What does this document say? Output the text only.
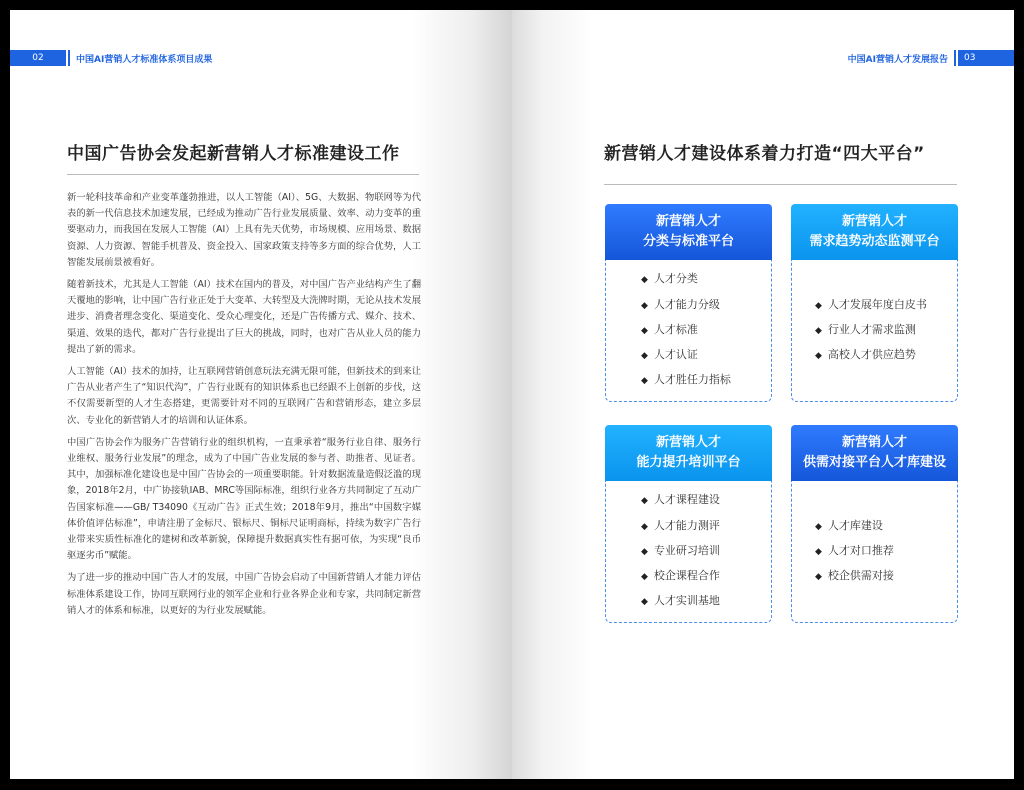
02	中国AI营销人才标准体系项目成果
中国广告协会发起新营销人才标准建设工作

新一轮科技革命和产业变革蓬勃推进，以人工智能（AI）、5G、大数据、物联网等为代表的新一代信息技术加速发展，已经成为推动广告行业发展质量、效率、动力变革的重要驱动力，而我国在发展人工智能（AI）上具有先天优势，市场规模、应用场景、数据资源、人力资源、智能手机普及、资金投入、国家政策支持等多方面的综合优势，人工智能发展前景被看好。

随着新技术，尤其是人工智能（AI）技术在国内的普及，对中国广告产业结构产生了翻天覆地的影响，让中国广告行业正处于大变革、大转型及大洗牌时期，无论从技术发展进步、消费者理念变化、渠道变化、受众心理变化，还是广告传播方式、媒介、技术、渠道、效果的迭代，都对广告行业提出了巨大的挑战，同时，也对广告从业人员的能力提出了新的需求。

人工智能（AI）技术的加持，让互联网营销创意玩法充满无限可能，但新技术的到来让广告从业者产生了“知识代沟”，广告行业既有的知识体系也已经跟不上创新的步伐，这不仅需要新型的人才生态搭建，更需要针对不同的互联网广告和营销形态，建立多层次、专业化的新营销人才的培训和认证体系。

中国广告协会作为服务广告营销行业的组织机构，一直秉承着“服务行业自律、服务行业维权、服务行业发展”的理念，成为了中国广告业发展的参与者、助推者、见证者。其中，加强标准化建设也是中国广告协会的一项重要职能。针对数据流量造假泛滥的现象，2018年2月，中广协接轨IAB、MRC等国际标准，组织行业各方共同制定了互动广告国家标准——GB/ T34090《互动广告》正式生效；2018年9月，推出“中国数字媒体价值评估标准”，申请注册了金标尺、银标尺、铜标尺证明商标，持续为数字广告行业带来实质性标准化的建树和改革新貌，保障提升数据真实性有据可依，为实现“良币驱逐劣币”赋能。

为了进一步的推动中国广告人才的发展，中国广告协会启动了中国新营销人才能力评估标准体系建设工作，协同互联网行业的领军企业和行业各界企业和专家，共同制定新营销人才的体系和标准，以更好的为行业发展赋能。

中国AI营销人才发展报告	03
新营销人才建设体系着力打造“四大平台”
新营销人才
分类与标准平台
◆ 人才分类
◆ 人才能力分级
◆ 人才标准
◆ 人才认证
◆ 人才胜任力指标
新营销人才
需求趋势动态监测平台
◆ 人才发展年度白皮书
◆ 行业人才需求监测
◆ 高校人才供应趋势
新营销人才
能力提升培训平台
◆ 人才课程建设
◆ 人才能力测评
◆ 专业研习培训
◆ 校企课程合作
◆ 人才实训基地
新营销人才
供需对接平台人才库建设
◆ 人才库建设
◆ 人才对口推荐
◆ 校企供需对接
